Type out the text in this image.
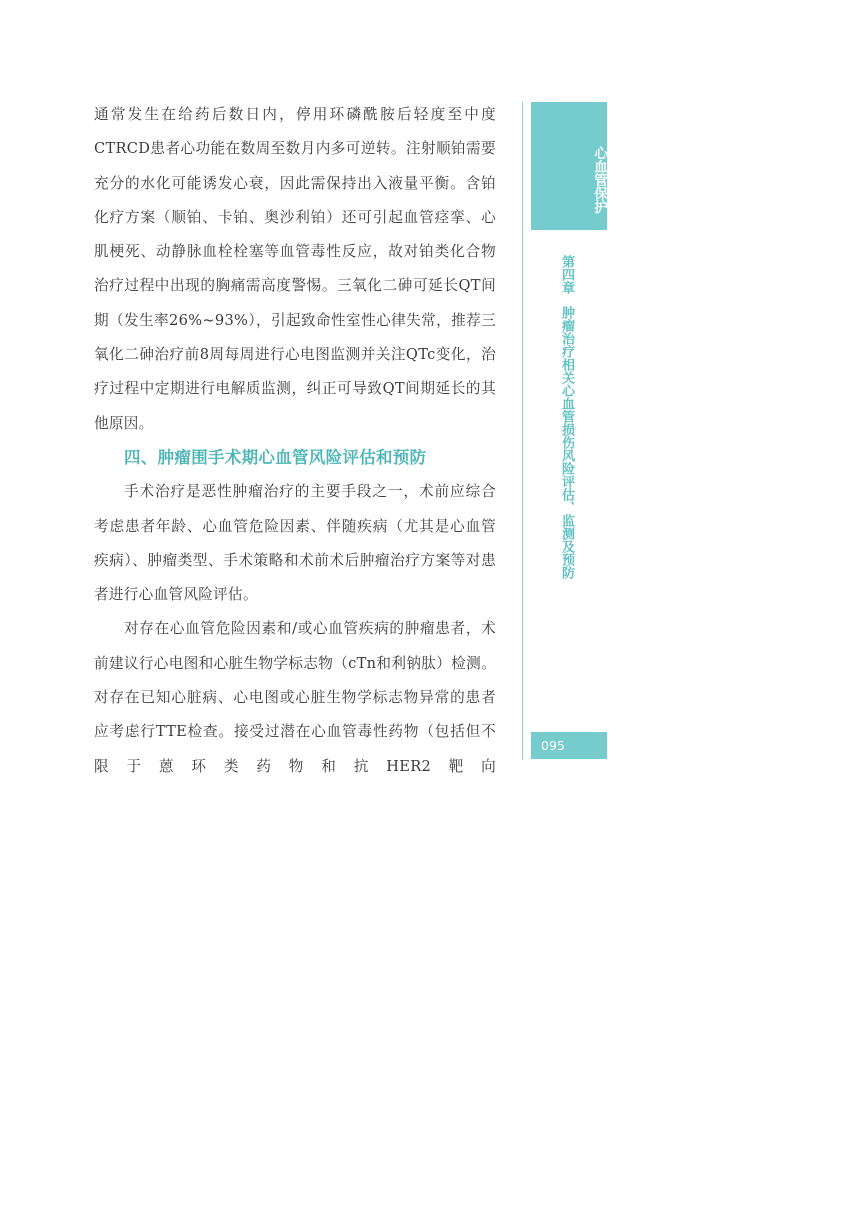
通常发生在给药后数日内，停用环磷酰胺后轻度至中度CTRCD患者心功能在数周至数月内多可逆转。注射顺铂需要充分的水化可能诱发心衰，因此需保持出入液量平衡。含铂化疗方案（顺铂、卡铂、奥沙利铂）还可引起血管痉挛、心肌梗死、动静脉血栓栓塞等血管毒性反应，故对铂类化合物治疗过程中出现的胸痛需高度警惕。三氧化二砷可延长QT间期（发生率26%~93%），引起致命性室性心律失常，推荐三氧化二砷治疗前8周每周进行心电图监测并关注QTc变化，治疗过程中定期进行电解质监测，纠正可导致QT间期延长的其他原因。

四、肿瘤围手术期心血管风险评估和预防

手术治疗是恶性肿瘤治疗的主要手段之一，术前应综合考虑患者年龄、心血管危险因素、伴随疾病（尤其是心血管疾病）、肿瘤类型、手术策略和术前术后肿瘤治疗方案等对患者进行心血管风险评估。

对存在心血管危险因素和/或心血管疾病的肿瘤患者，术前建议行心电图和心脏生物学标志物（cTn和利钠肽）检测。对存在已知心脏病、心电图或心脏生物学标志物异常的患者应考虑行TTE检查。接受过潜在心血管毒性药物（包括但不限于蒽环类药物和抗HER2靶向

心血管保护
第四章肿瘤治疗相关心血管损伤风险评估、监测及预防
095
